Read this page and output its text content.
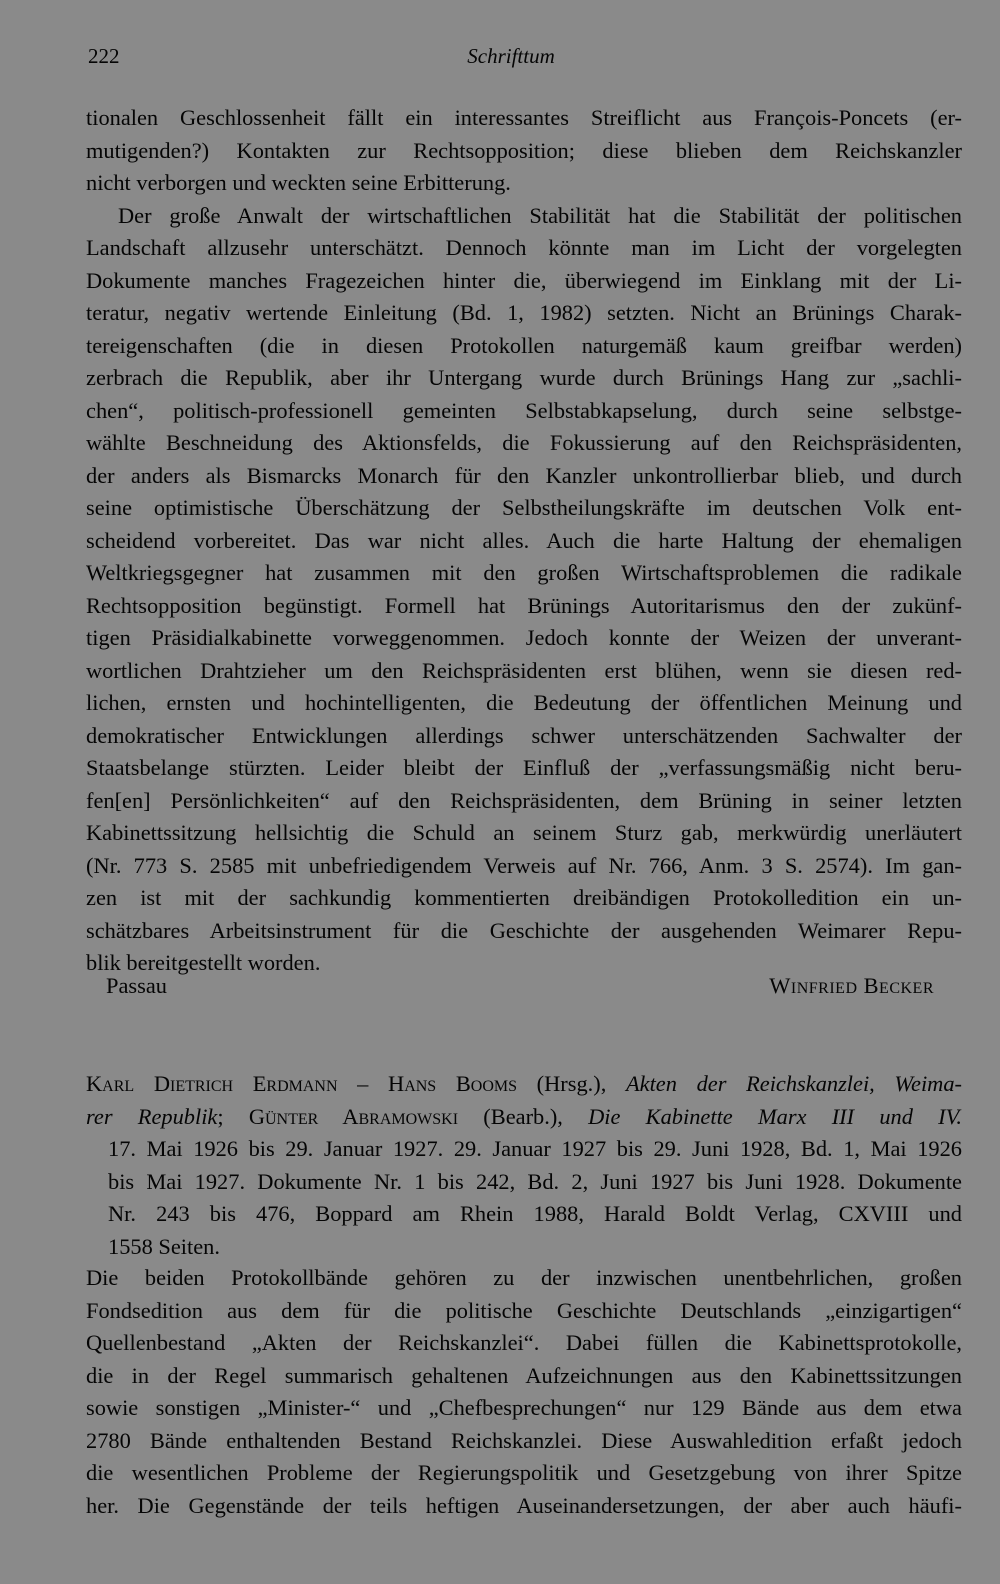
222	Schrifttum
tionalen Geschlossenheit fällt ein interessantes Streiflicht aus François-Poncets (er-
mutigenden?) Kontakten zur Rechtsopposition; diese blieben dem Reichskanzler
nicht verborgen und weckten seine Erbitterung.
Der große Anwalt der wirtschaftlichen Stabilität hat die Stabilität der politischen
Landschaft allzusehr unterschätzt. Dennoch könnte man im Licht der vorgelegten
Dokumente manches Fragezeichen hinter die, überwiegend im Einklang mit der Li-
teratur, negativ wertende Einleitung (Bd. 1, 1982) setzten. Nicht an Brünings Charak-
tereigenschaften (die in diesen Protokollen naturgemäß kaum greifbar werden)
zerbrach die Republik, aber ihr Untergang wurde durch Brünings Hang zur „sachli-
chen“, politisch-professionell gemeinten Selbstabkapselung, durch seine selbstge-
wählte Beschneidung des Aktionsfelds, die Fokussierung auf den Reichspräsidenten,
der anders als Bismarcks Monarch für den Kanzler unkontrollierbar blieb, und durch
seine optimistische Überschätzung der Selbstheilungskräfte im deutschen Volk ent-
scheidend vorbereitet. Das war nicht alles. Auch die harte Haltung der ehemaligen
Weltkriegsgegner hat zusammen mit den großen Wirtschaftsproblemen die radikale
Rechtsopposition begünstigt. Formell hat Brünings Autoritarismus den der zukünf-
tigen Präsidialkabinette vorweggenommen. Jedoch konnte der Weizen der unverant-
wortlichen Drahtzieher um den Reichspräsidenten erst blühen, wenn sie diesen red-
lichen, ernsten und hochintelligenten, die Bedeutung der öffentlichen Meinung und
demokratischer Entwicklungen allerdings schwer unterschätzenden Sachwalter der
Staatsbelange stürzten. Leider bleibt der Einfluß der „verfassungsmäßig nicht beru-
fen[en] Persönlichkeiten“ auf den Reichspräsidenten, dem Brüning in seiner letzten
Kabinettssitzung hellsichtig die Schuld an seinem Sturz gab, merkwürdig unerläutert
(Nr. 773 S. 2585 mit unbefriedigendem Verweis auf Nr. 766, Anm. 3 S. 2574). Im gan-
zen ist mit der sachkundig kommentierten dreibändigen Protokolledition ein un-
schätzbares Arbeitsinstrument für die Geschichte der ausgehenden Weimarer Repu-
blik bereitgestellt worden.
Passau	Winfried Becker
Karl Dietrich Erdmann – Hans Booms (Hrsg.), Akten der Reichskanzlei, Weima-
rer Republik; Günter Abramowski (Bearb.), Die Kabinette Marx III und IV.
17. Mai 1926 bis 29. Januar 1927. 29. Januar 1927 bis 29. Juni 1928, Bd. 1, Mai 1926
bis Mai 1927. Dokumente Nr. 1 bis 242, Bd. 2, Juni 1927 bis Juni 1928. Dokumente
Nr. 243 bis 476, Boppard am Rhein 1988, Harald Boldt Verlag, CXVIII und
1558 Seiten.
Die beiden Protokollbände gehören zu der inzwischen unentbehrlichen, großen
Fondsedition aus dem für die politische Geschichte Deutschlands „einzigartigen“
Quellenbestand „Akten der Reichskanzlei“. Dabei füllen die Kabinettsprotokolle,
die in der Regel summarisch gehaltenen Aufzeichnungen aus den Kabinettssitzungen
sowie sonstigen „Minister-“ und „Chefbesprechungen“ nur 129 Bände aus dem etwa
2780 Bände enthaltenden Bestand Reichskanzlei. Diese Auswahledition erfaßt jedoch
die wesentlichen Probleme der Regierungspolitik und Gesetzgebung von ihrer Spitze
her. Die Gegenstände der teils heftigen Auseinandersetzungen, der aber auch häufi-
